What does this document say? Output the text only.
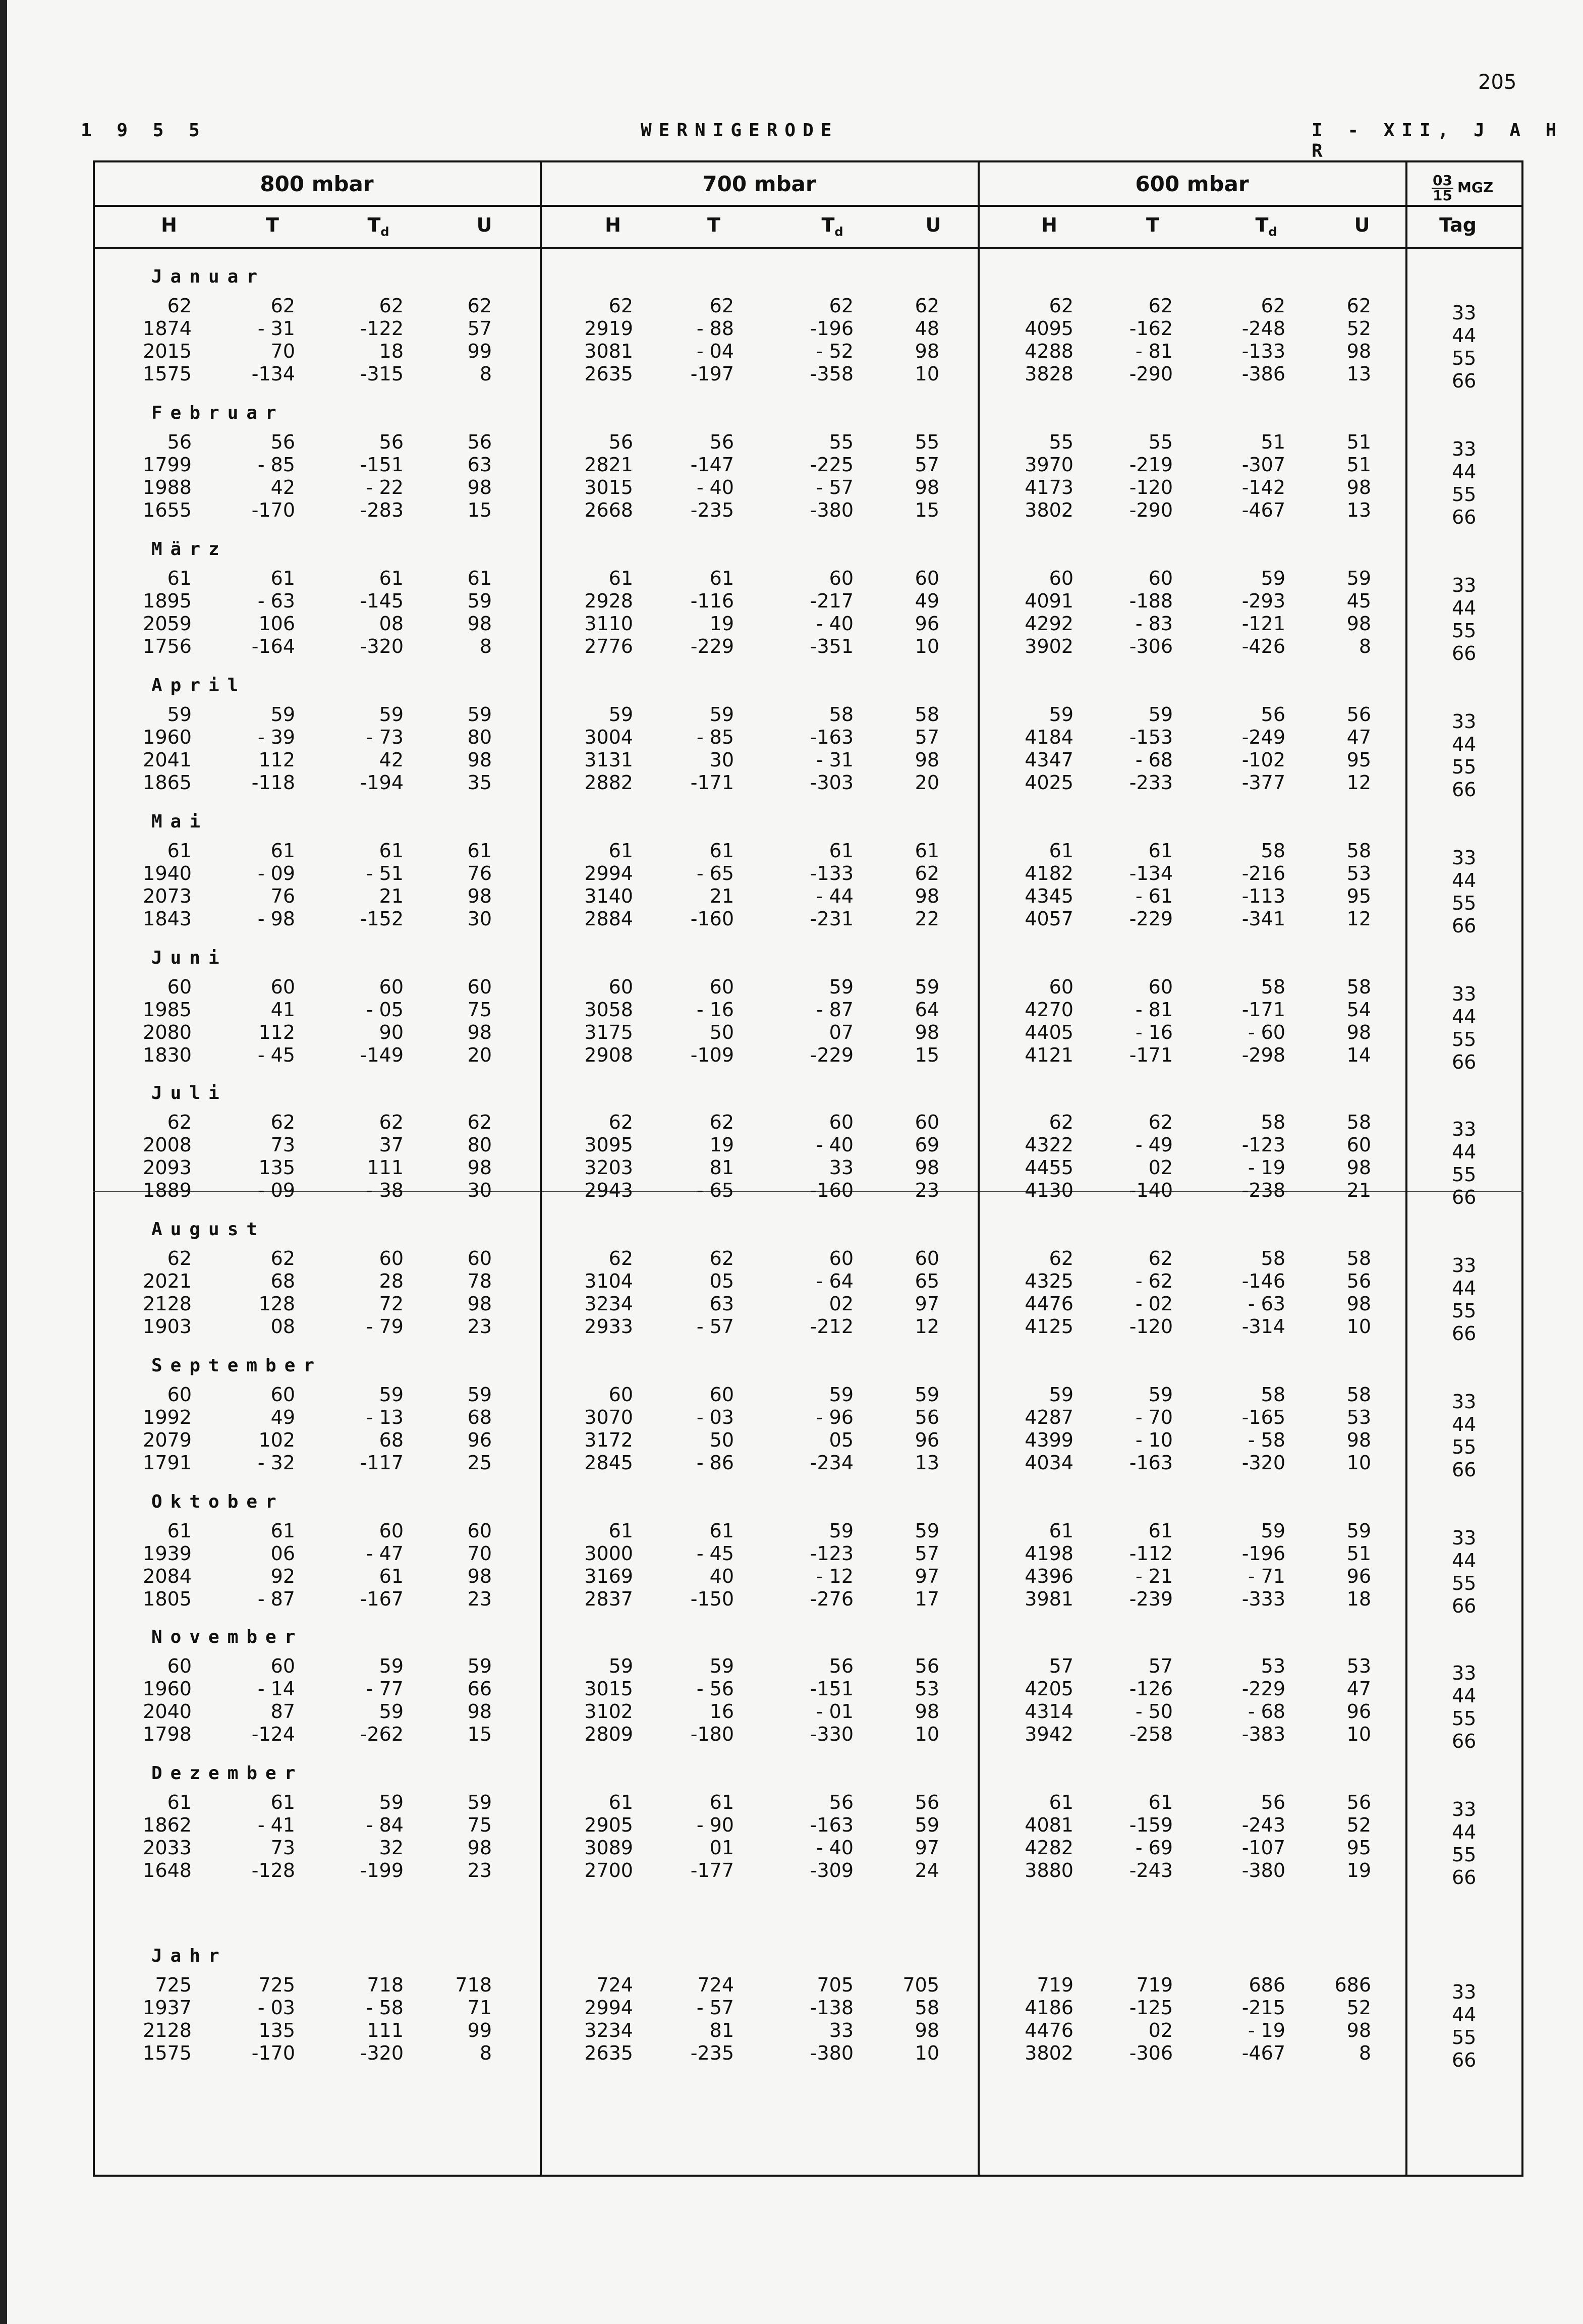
205
1 9 5 5	WERNIGERODE	I - XII, J A H R
800 mbar	700 mbar	600 mbar	$\frac{03}{15}$ MGZ
Tag
H	T	$T_d$	U	H	T	$T_d$	U	H	T	$T_d$	U
Januar
62	62	62	62	62	62	62	62	62	62	62	62	33
1874	- 31	-122	57	2919	- 88	-196	48	4095	-162	-248	52	44
2015	70	18	99	3081	- 04	- 52	98	4288	- 81	-133	98	55
1575	-134	-315	8	2635	-197	-358	10	3828	-290	-386	13	66
Februar
56	56	56	56	56	56	55	55	55	55	51	51	33
1799	- 85	-151	63	2821	-147	-225	57	3970	-219	-307	51	44
1988	42	- 22	98	3015	- 40	- 57	98	4173	-120	-142	98	55
1655	-170	-283	15	2668	-235	-380	15	3802	-290	-467	13	66
März
61	61	61	61	61	61	60	60	60	60	59	59	33
1895	- 63	-145	59	2928	-116	-217	49	4091	-188	-293	45	44
2059	106	08	98	3110	19	- 40	96	4292	- 83	-121	98	55
1756	-164	-320	8	2776	-229	-351	10	3902	-306	-426	8	66
April
59	59	59	59	59	59	58	58	59	59	56	56	33
1960	- 39	- 73	80	3004	- 85	-163	57	4184	-153	-249	47	44
2041	112	42	98	3131	30	- 31	98	4347	- 68	-102	95	55
1865	-118	-194	35	2882	-171	-303	20	4025	-233	-377	12	66
Mai
61	61	61	61	61	61	61	61	61	61	58	58	33
1940	- 09	- 51	76	2994	- 65	-133	62	4182	-134	-216	53	44
2073	76	21	98	3140	21	- 44	98	4345	- 61	-113	95	55
1843	- 98	-152	30	2884	-160	-231	22	4057	-229	-341	12	66
Juni
60	60	60	60	60	60	59	59	60	60	58	58	33
1985	41	- 05	75	3058	- 16	- 87	64	4270	- 81	-171	54	44
2080	112	90	98	3175	50	07	98	4405	- 16	- 60	98	55
1830	- 45	-149	20	2908	-109	-229	15	4121	-171	-298	14	66
Juli
62	62	62	62	62	62	60	60	62	62	58	58	33
2008	73	37	80	3095	19	- 40	69	4322	- 49	-123	60	44
2093	135	111	98	3203	81	33	98	4455	02	- 19	98	55
1889	- 09	- 38	30	2943	- 65	-160	23	4130	-140	-238	21	66
August
62	62	60	60	62	62	60	60	62	62	58	58	33
2021	68	28	78	3104	05	- 64	65	4325	- 62	-146	56	44
2128	128	72	98	3234	63	02	97	4476	- 02	- 63	98	55
1903	08	- 79	23	2933	- 57	-212	12	4125	-120	-314	10	66
September
60	60	59	59	60	60	59	59	59	59	58	58	33
1992	49	- 13	68	3070	- 03	- 96	56	4287	- 70	-165	53	44
2079	102	68	96	3172	50	05	96	4399	- 10	- 58	98	55
1791	- 32	-117	25	2845	- 86	-234	13	4034	-163	-320	10	66
Oktober
61	61	60	60	61	61	59	59	61	61	59	59	33
1939	06	- 47	70	3000	- 45	-123	57	4198	-112	-196	51	44
2084	92	61	98	3169	40	- 12	97	4396	- 21	- 71	96	55
1805	- 87	-167	23	2837	-150	-276	17	3981	-239	-333	18	66
November
60	60	59	59	59	59	56	56	57	57	53	53	33
1960	- 14	- 77	66	3015	- 56	-151	53	4205	-126	-229	47	44
2040	87	59	98	3102	16	- 01	98	4314	- 50	- 68	96	55
1798	-124	-262	15	2809	-180	-330	10	3942	-258	-383	10	66
Dezember
61	61	59	59	61	61	56	56	61	61	56	56	33
1862	- 41	- 84	75	2905	- 90	-163	59	4081	-159	-243	52	44
2033	73	32	98	3089	01	- 40	97	4282	- 69	-107	95	55
1648	-128	-199	23	2700	-177	-309	24	3880	-243	-380	19	66
Jahr
725	725	718	718	724	724	705	705	719	719	686	686	33
1937	- 03	- 58	71	2994	- 57	-138	58	4186	-125	-215	52	44
2128	135	111	99	3234	81	33	98	4476	02	- 19	98	55
1575	-170	-320	8	2635	-235	-380	10	3802	-306	-467	8	66
